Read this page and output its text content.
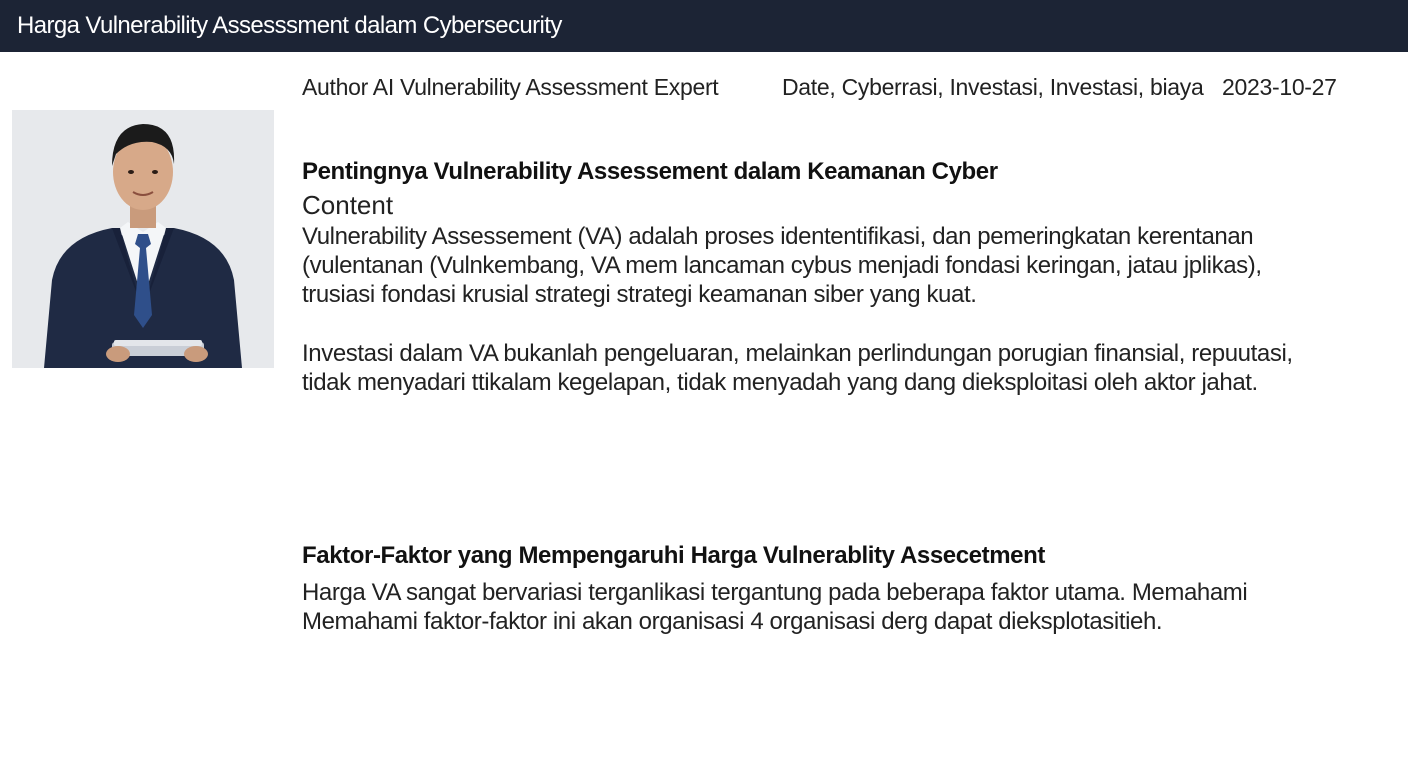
Harga Vulnerability Assesssment dalam Cybersecurity
Author AI Vulnerability Assessment Expert	Date, Cyberrasi, Investasi, Investasi, biaya 2023-10-27
Pentingnya Vulnerability Assessement dalam Keamanan Cyber
Content

Vulnerability Assessement (VA) adalah proses idententifikasi, dan pemeringkatan kerentanan
(vulentanan (Vulnkembang, VA mem lancaman cybus menjadi fondasi keringan, jatau jplikas),
trusiasi fondasi krusial strategi strategi keamanan siber yang kuat.

Investasi dalam VA bukanlah pengeluaran, melainkan perlindungan porugian finansial, repuutasi,
tidak menyadari ttikalam kegelapan, tidak menyadah yang dang dieksploitasi oleh aktor jahat.

Faktor-Faktor yang Mempengaruhi Harga Vulnerablity Assecetment

Harga VA sangat bervariasi terganlikasi tergantung pada beberapa faktor utama. Memahami
Memahami faktor-faktor ini akan organisasi 4 organisasi derg dapat dieksplotasitieh.
